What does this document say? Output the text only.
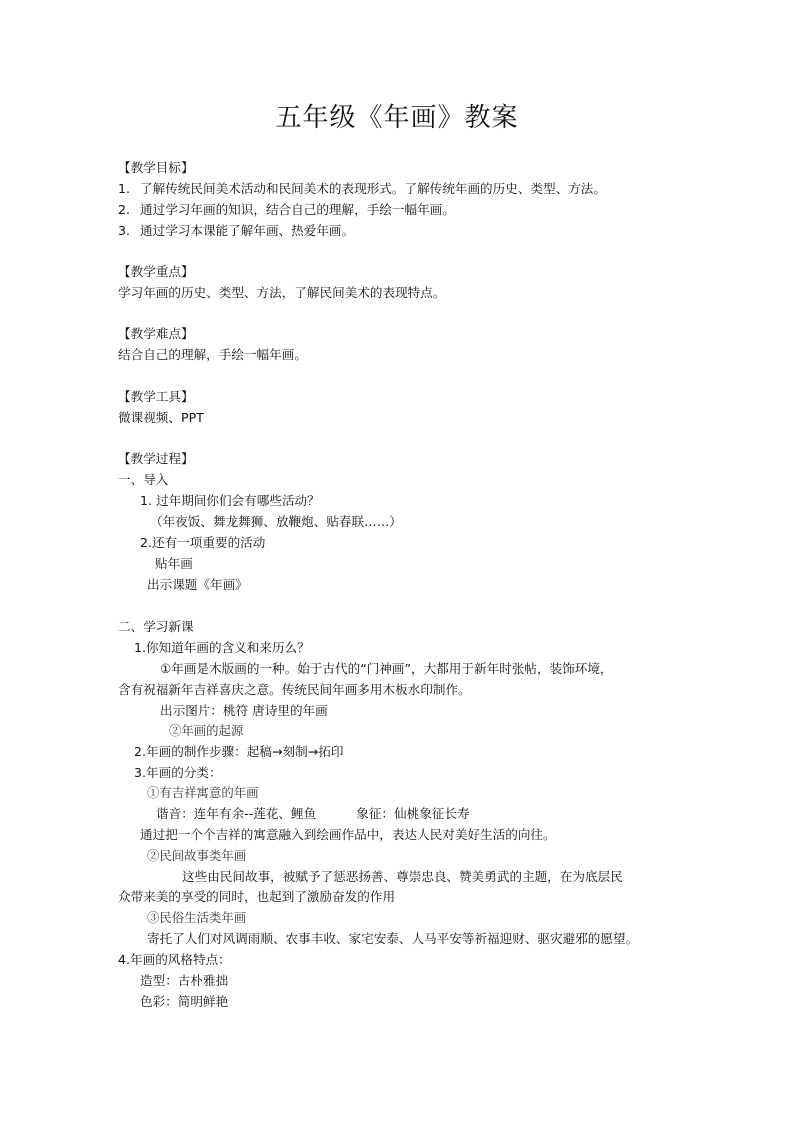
五年级《年画》教案
【教学目标】
1. 了解传统民间美术活动和民间美术的表现形式。了解传统年画的历史、类型、方法。
2. 通过学习年画的知识，结合自己的理解，手绘一幅年画。
3. 通过学习本课能了解年画、热爱年画。
【教学重点】
学习年画的历史、类型、方法，了解民间美术的表现特点。
【教学难点】
结合自己的理解，手绘一幅年画。
【教学工具】
微课视频、PPT
【教学过程】
一、导入
1. 过年期间你们会有哪些活动？
（年夜饭、舞龙舞狮、放鞭炮、贴春联……）
2.还有一项重要的活动
贴年画
出示课题《年画》
二、学习新课
1.你知道年画的含义和来历么？
①年画是木版画的一种。始于古代的“门神画”，大都用于新年时张帖，装饰环境，
含有祝福新年吉祥喜庆之意。传统民间年画多用木板水印制作。
出示图片：桃符 唐诗里的年画
②年画的起源
2.年画的制作步骤：起稿→刻制→拓印
3.年画的分类：
①有吉祥寓意的年画
谐音：连年有余--莲花、鲤鱼          象征：仙桃象征长寿
通过把一个个吉祥的寓意融入到绘画作品中，表达人民对美好生活的向往。
②民间故事类年画
这些由民间故事，被赋予了惩恶扬善、尊崇忠良、赞美勇武的主题，在为底层民
众带来美的享受的同时，也起到了激励奋发的作用
③民俗生活类年画
寄托了人们对风调雨顺、农事丰收、家宅安泰、人马平安等祈福迎财、驱灾避邪的愿望。
4.年画的风格特点：
造型：古朴雅拙
色彩：简明鲜艳
